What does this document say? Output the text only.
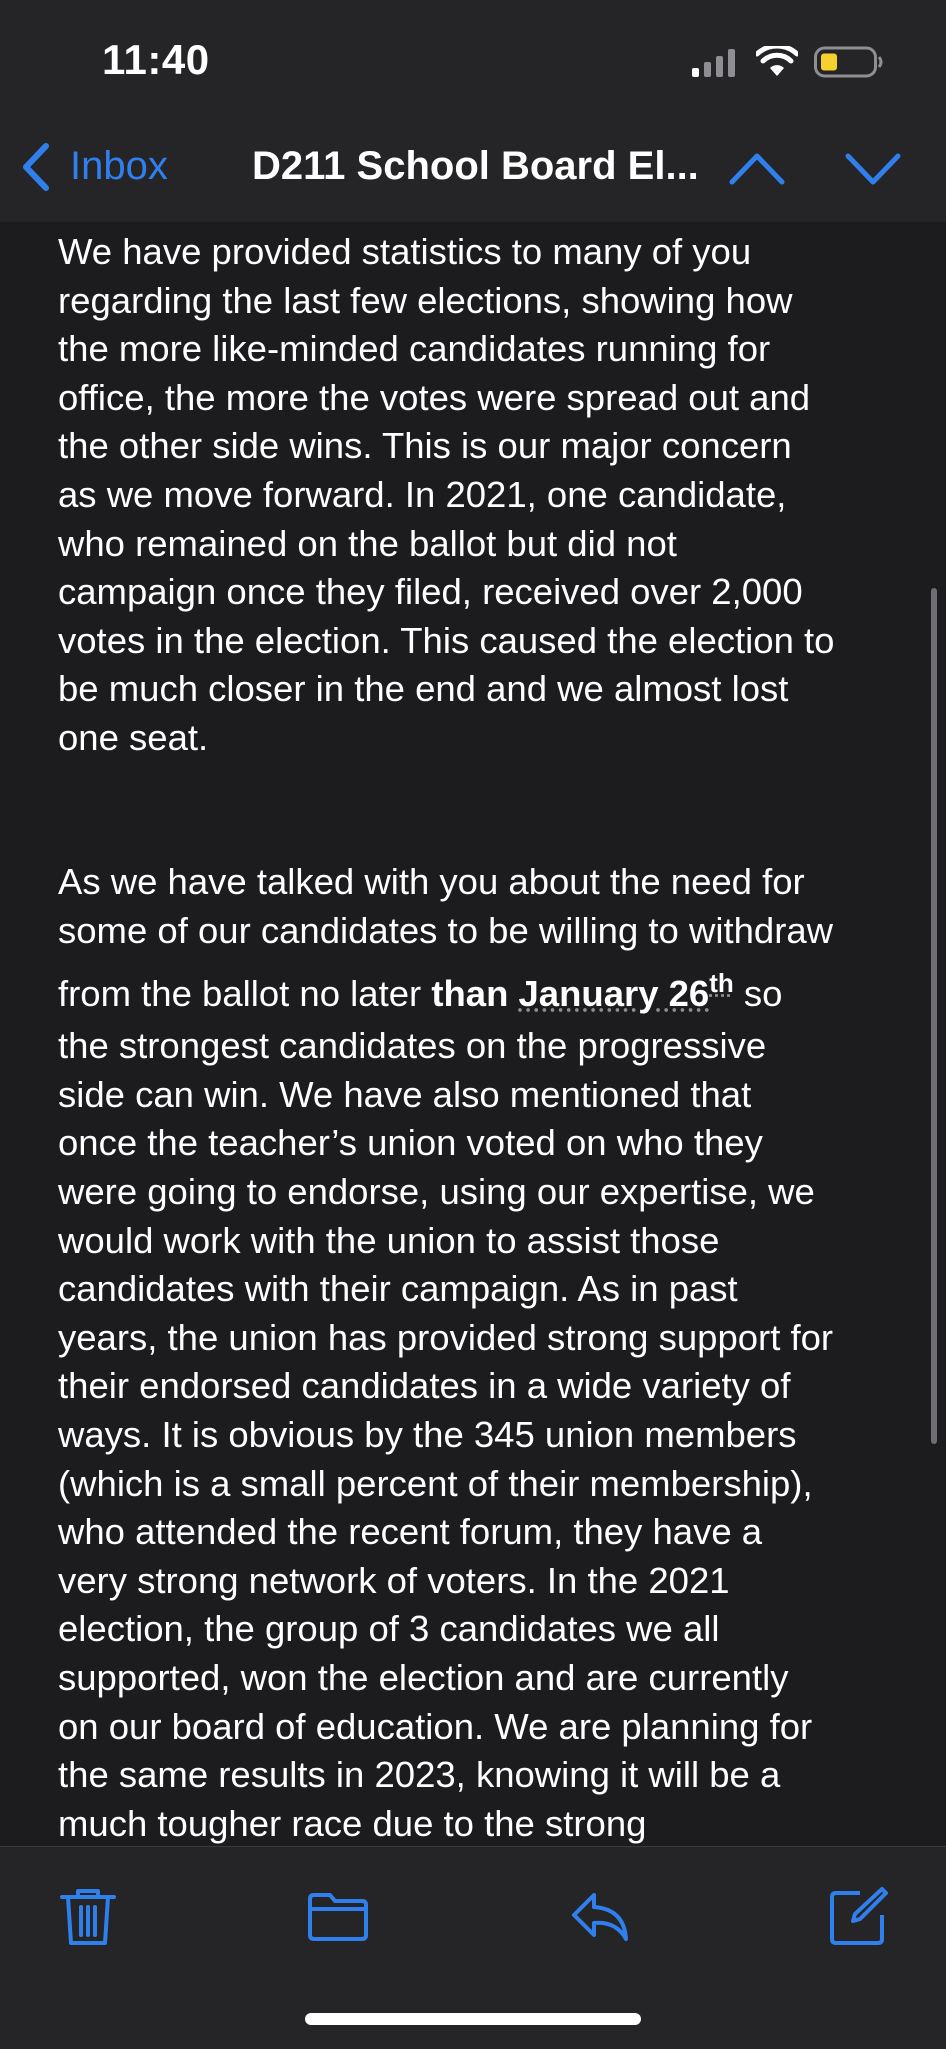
11:40
Inbox D211 School Board El...
We have provided statistics to many of you
regarding the last few elections, showing how
the more like-minded candidates running for
office, the more the votes were spread out and
the other side wins. This is our major concern
as we move forward. In 2021, one candidate,
who remained on the ballot but did not
campaign once they filed, received over 2,000
votes in the election. This caused the election to
be much closer in the end and we almost lost
one seat.
As we have talked with you about the need for
some of our candidates to be willing to withdraw
from the ballot no later than January 26th so
the strongest candidates on the progressive
side can win. We have also mentioned that
once the teacher’s union voted on who they
were going to endorse, using our expertise, we
would work with the union to assist those
candidates with their campaign. As in past
years, the union has provided strong support for
their endorsed candidates in a wide variety of
ways. It is obvious by the 345 union members
(which is a small percent of their membership),
who attended the recent forum, they have a
very strong network of voters. In the 2021
election, the group of 3 candidates we all
supported, won the election and are currently
on our board of education. We are planning for
the same results in 2023, knowing it will be a
much tougher race due to the strong
